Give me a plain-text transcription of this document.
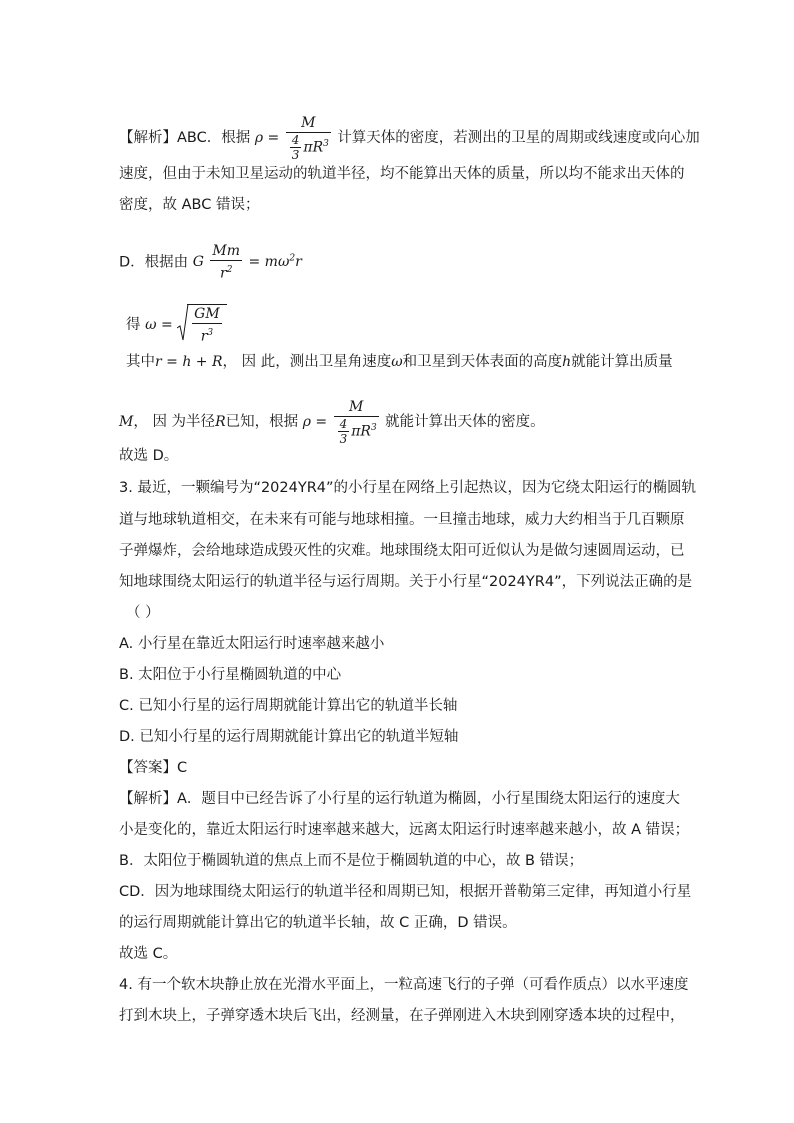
【解析】ABC．根据 $\rho = \frac{M}{\frac{4}{3} \pi R^3}$ 计算天体的密度，若测出的卫星的周期或线速度或向心加
速度，但由于未知卫星运动的轨道半径，均不能算出天体的质量，所以均不能求出天体的
密度，故 ABC 错误；
D．根据由 G $\frac{Mm}{r^2} = m\omega^2r$
得 $\omega = \frac{GM}{r^3}$
其中r = h + R， 因 此，测出卫星角速度ω和卫星到天体表面的高度h就能计算出质量
M， 因 为半径R已知，根据 $\rho = \frac{M}{\frac{4}{3} \pi R^3}$ 就能计算出天体的密度。
故选 D。
3. 最近，一颗编号为“2024YR4”的小行星在网络上引起热议，因为它绕太阳运行的椭圆轨
道与地球轨道相交，在未来有可能与地球相撞。一旦撞击地球，威力大约相当于几百颗原
子弹爆炸，会给地球造成毁灭性的灾难。地球围绕太阳可近似认为是做匀速圆周运动，已
知地球围绕太阳运行的轨道半径与运行周期。关于小行星“2024YR4”，下列说法正确的是
（ ）
A. 小行星在靠近太阳运行时速率越来越小
B. 太阳位于小行星椭圆轨道的中心
C. 已知小行星的运行周期就能计算出它的轨道半长轴
D. 已知小行星的运行周期就能计算出它的轨道半短轴
【答案】C
【解析】A．题目中已经告诉了小行星的运行轨道为椭圆，小行星围绕太阳运行的速度大
小是变化的，靠近太阳运行时速率越来越大，远离太阳运行时速率越来越小，故 A 错误；
B．太阳位于椭圆轨道的焦点上而不是位于椭圆轨道的中心，故 B 错误；
CD．因为地球围绕太阳运行的轨道半径和周期已知，根据开普勒第三定律，再知道小行星
的运行周期就能计算出它的轨道半长轴，故 C 正确，D 错误。
故选 C。
4. 有一个软木块静止放在光滑水平面上，一粒高速飞行的子弹（可看作质点）以水平速度
打到木块上，子弹穿透木块后飞出，经测量，在子弹刚进入木块到刚穿透本块的过程中，
